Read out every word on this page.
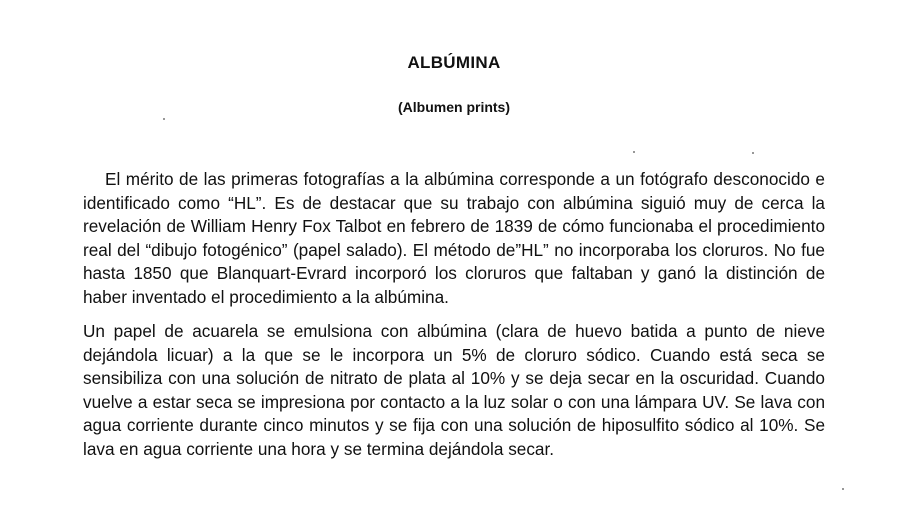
ALBÚMINA
(Albumen prints)

El mérito de las primeras fotografías a la albúmina corresponde a un fotógrafo desconocido e identificado como “HL”. Es de destacar que su trabajo con albúmina siguió muy de cerca la revelación de William Henry Fox Talbot en febrero de 1839 de cómo funcionaba el procedimiento real del “dibujo fotogénico” (papel salado). El método de”HL” no incorporaba los cloruros. No fue hasta 1850 que Blanquart-Evrard incorporó los cloruros que faltaban y ganó la distinción de haber inventado el procedimiento a la albúmina.

Un papel de acuarela se emulsiona con albúmina (clara de huevo batida a punto de nieve dejándola licuar) a la que se le incorpora un 5% de cloruro sódico. Cuando está seca se sensibiliza con una solución de nitrato de plata al 10% y se deja secar en la oscuridad. Cuando vuelve a estar seca se impresiona por contacto a la luz solar o con una lámpara UV. Se lava con agua corriente durante cinco minutos y se fija con una solución de hiposulfito sódico al 10%. Se lava en agua corriente una hora y se termina dejándola secar.
